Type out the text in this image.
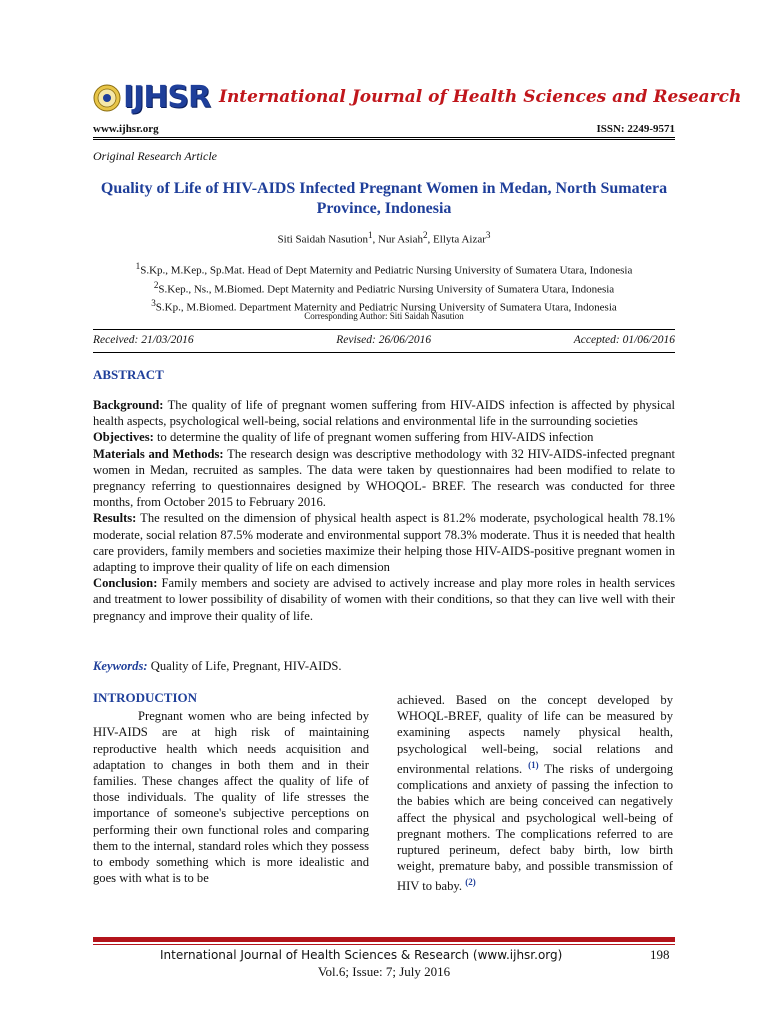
IJHSR International Journal of Health Sciences and Research
www.ijhsr.org	ISSN: 2249-9571
Original Research Article
Quality of Life of HIV-AIDS Infected Pregnant Women in Medan, North Sumatera Province, Indonesia
Siti Saidah Nasution$^1$, Nur Asiah$^2$, Ellyta Aizar$^3$
$^1$S.Kp., M.Kep., Sp.Mat. Head of Dept Maternity and Pediatric Nursing University of Sumatera Utara, Indonesia
$^2$S.Kep., Ns., M.Biomed. Dept Maternity and Pediatric Nursing University of Sumatera Utara, Indonesia
$^3$S.Kp., M.Biomed. Department Maternity and Pediatric Nursing University of Sumatera Utara, Indonesia
Corresponding Author: Siti Saidah Nasution
Received: 21/03/2016	Revised: 26/06/2016	Accepted: 01/06/2016
ABSTRACT

Background: The quality of life of pregnant women suffering from HIV-AIDS infection is affected by physical health aspects, psychological well-being, social relations and environmental life in the surrounding societies

Objectives: to determine the quality of life of pregnant women suffering from HIV-AIDS infection

Materials and Methods: The research design was descriptive methodology with 32 HIV-AIDS-infected pregnant women in Medan, recruited as samples. The data were taken by questionnaires had been modified to relate to pregnancy referring to questionnaires designed by WHOQOL- BREF. The research was conducted for three months, from October 2015 to February 2016.

Results: The resulted on the dimension of physical health aspect is 81.2% moderate, psychological health 78.1% moderate, social relation 87.5% moderate and environmental support 78.3% moderate. Thus it is needed that health care providers, family members and societies maximize their helping those HIV-AIDS-positive pregnant women in adapting to improve their quality of life on each dimension

Conclusion: Family members and society are advised to actively increase and play more roles in health services and treatment to lower possibility of disability of women with their conditions, so that they can live well with their pregnancy and improve their quality of life.

Keywords: Quality of Life, Pregnant, HIV-AIDS.
INTRODUCTION

Pregnant women who are being infected by HIV-AIDS are at high risk of maintaining reproductive health which needs acquisition and adaptation to changes in both them and in their families. These changes affect the quality of life of those individuals. The quality of life stresses the importance of someone's subjective perceptions on performing their own functional roles and comparing them to the internal, standard roles which they possess to embody something which is more idealistic and goes with what is to be

achieved. Based on the concept developed by WHOQL-BREF, quality of life can be measured by examining aspects namely physical health, psychological well-being, social relations and environmental relations. $^{(1)}$ The risks of undergoing complications and anxiety of passing the infection to the babies which are being conceived can negatively affect the physical and psychological well-being of pregnant mothers. The complications referred to are ruptured perineum, defect baby birth, low birth weight, premature baby, and possible transmission of HIV to baby. $^{(2)}$

International Journal of Health Sciences & Research (www.ijhsr.org)	198
Vol.6; Issue: 7; July 2016
